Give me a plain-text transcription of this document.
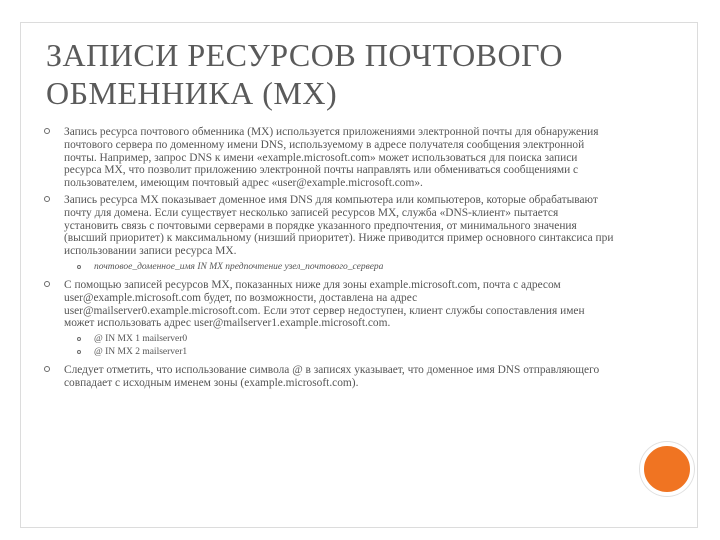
ЗАПИСИ РЕСУРСОВ ПОЧТОВОГО
ОБМЕННИКА (MX)
Запись ресурса почтового обменника (MX) используется приложениями электронной почты для обнаружения почтового сервера по доменному имени DNS, используемому в адресе получателя сообщения электронной почты. Например, запрос DNS к имени «example.microsoft.com» может использоваться для поиска записи ресурса MX, что позволит приложению электронной почты направлять или обмениваться сообщениями с пользователем, имеющим почтовый адрес «user@example.microsoft.com».
Запись ресурса MX показывает доменное имя DNS для компьютера или компьютеров, которые обрабатывают почту для домена. Если существует несколько записей ресурсов MX, служба «DNS-клиент» пытается установить связь с почтовыми серверами в порядке указанного предпочтения, от минимального значения (высший приоритет) к максимальному (низший приоритет). Ниже приводится пример основного синтаксиса при использовании записи ресурса MX.
почтовое_доменное_имя IN MX предпочтение узел_почтового_сервера
С помощью записей ресурсов MX, показанных ниже для зоны example.microsoft.com, почта с адресом user@example.microsoft.com будет, по возможности, доставлена на адрес user@mailserver0.example.microsoft.com. Если этот сервер недоступен, клиент службы сопоставления имен может использовать адрес user@mailserver1.example.microsoft.com.
@ IN MX 1 mailserver0
@ IN MX 2 mailserver1
Следует отметить, что использование символа @ в записях указывает, что доменное имя DNS отправляющего совпадает с исходным именем зоны (example.microsoft.com).
